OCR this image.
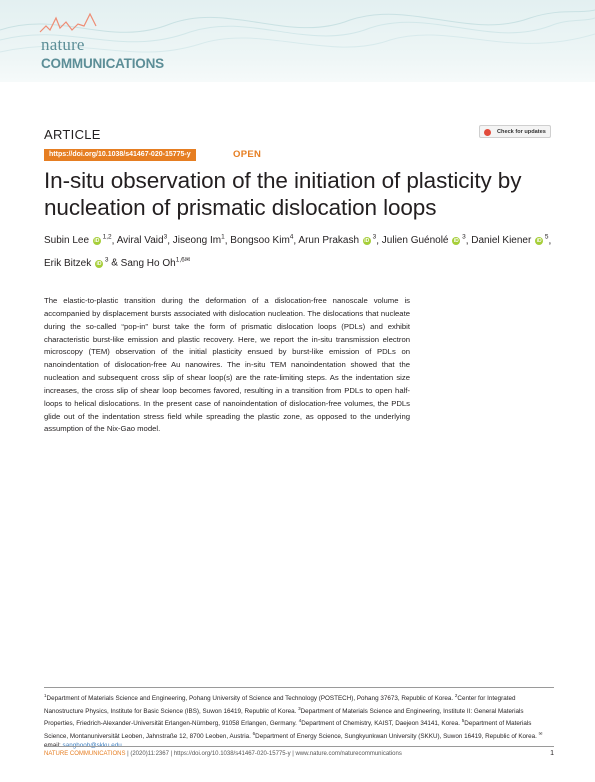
nature
COMMUNICATIONS
ARTICLE	Check for updates
https://doi.org/10.1038/s41467-020-15775-y	OPEN
In-situ observation of the initiation of plasticity by nucleation of prismatic dislocation loops
Subin Lee iD $^{1,2}$, Aviral Vaid$^3$, Jiseong Im$^1$, Bongsoo Kim$^4$, Arun Prakash iD $^3$, Julien Guénolé iD $^3$, Daniel Kiener iD $^5$, Erik Bitzek iD $^3$ & Sang Ho $Oh^{1,6✉}$

The elastic-to-plastic transition during the deformation of a dislocation-free nanoscale volume is accompanied by displacement bursts associated with dislocation nucleation. The dislocations that nucleate during the so-called “pop-in” burst take the form of prismatic dislocation loops (PDLs) and exhibit characteristic burst-like emission and plastic recovery. Here, we report the in-situ transmission electron microscopy (TEM) observation of the initial plasticity ensued by burst-like emission of PDLs on nanoindentation of dislocation-free Au nanowires. The in-situ TEM nanoindentation showed that the nucleation and subsequent cross slip of shear loop(s) are the rate-limiting steps. As the indentation size increases, the cross slip of shear loop becomes favored, resulting in a transition from PDLs to open half-loops to helical dislocations. In the present case of nanoindentation of dislocation-free volumes, the PDLs glide out of the indentation stress field while spreading the plastic zone, as opposed to the underlying assumption of the Nix-Gao model.

$^1$Department of Materials Science and Engineering, Pohang University of Science and Technology (POSTECH), Pohang 37673, Republic of Korea. $^2$Center for Integrated Nanostructure Physics, Institute for Basic Science (IBS), Suwon 16419, Republic of Korea. $^3$Department of Materials Science and Engineering, Institute II: General Materials Properties, Friedrich-Alexander-Universität Erlangen-Nürnberg, 91058 Erlangen, Germany. $^4$Department of Chemistry, KAIST, Daejeon 34141, Korea. $^5$Department of Materials Science, Montanuniversität Leoben, Jahnstraße 12, 8700 Leoben, Austria. $^6$Department of Energy Science, Sungkyunkwan University (SKKU), Suwon 16419, Republic of Korea. ✉email: sanghooh@skku.edu

NATURE COMMUNICATIONS | (2020)11:2367 | https://doi.org/10.1038/s41467-020-15775-y | www.nature.com/naturecommunications	1
